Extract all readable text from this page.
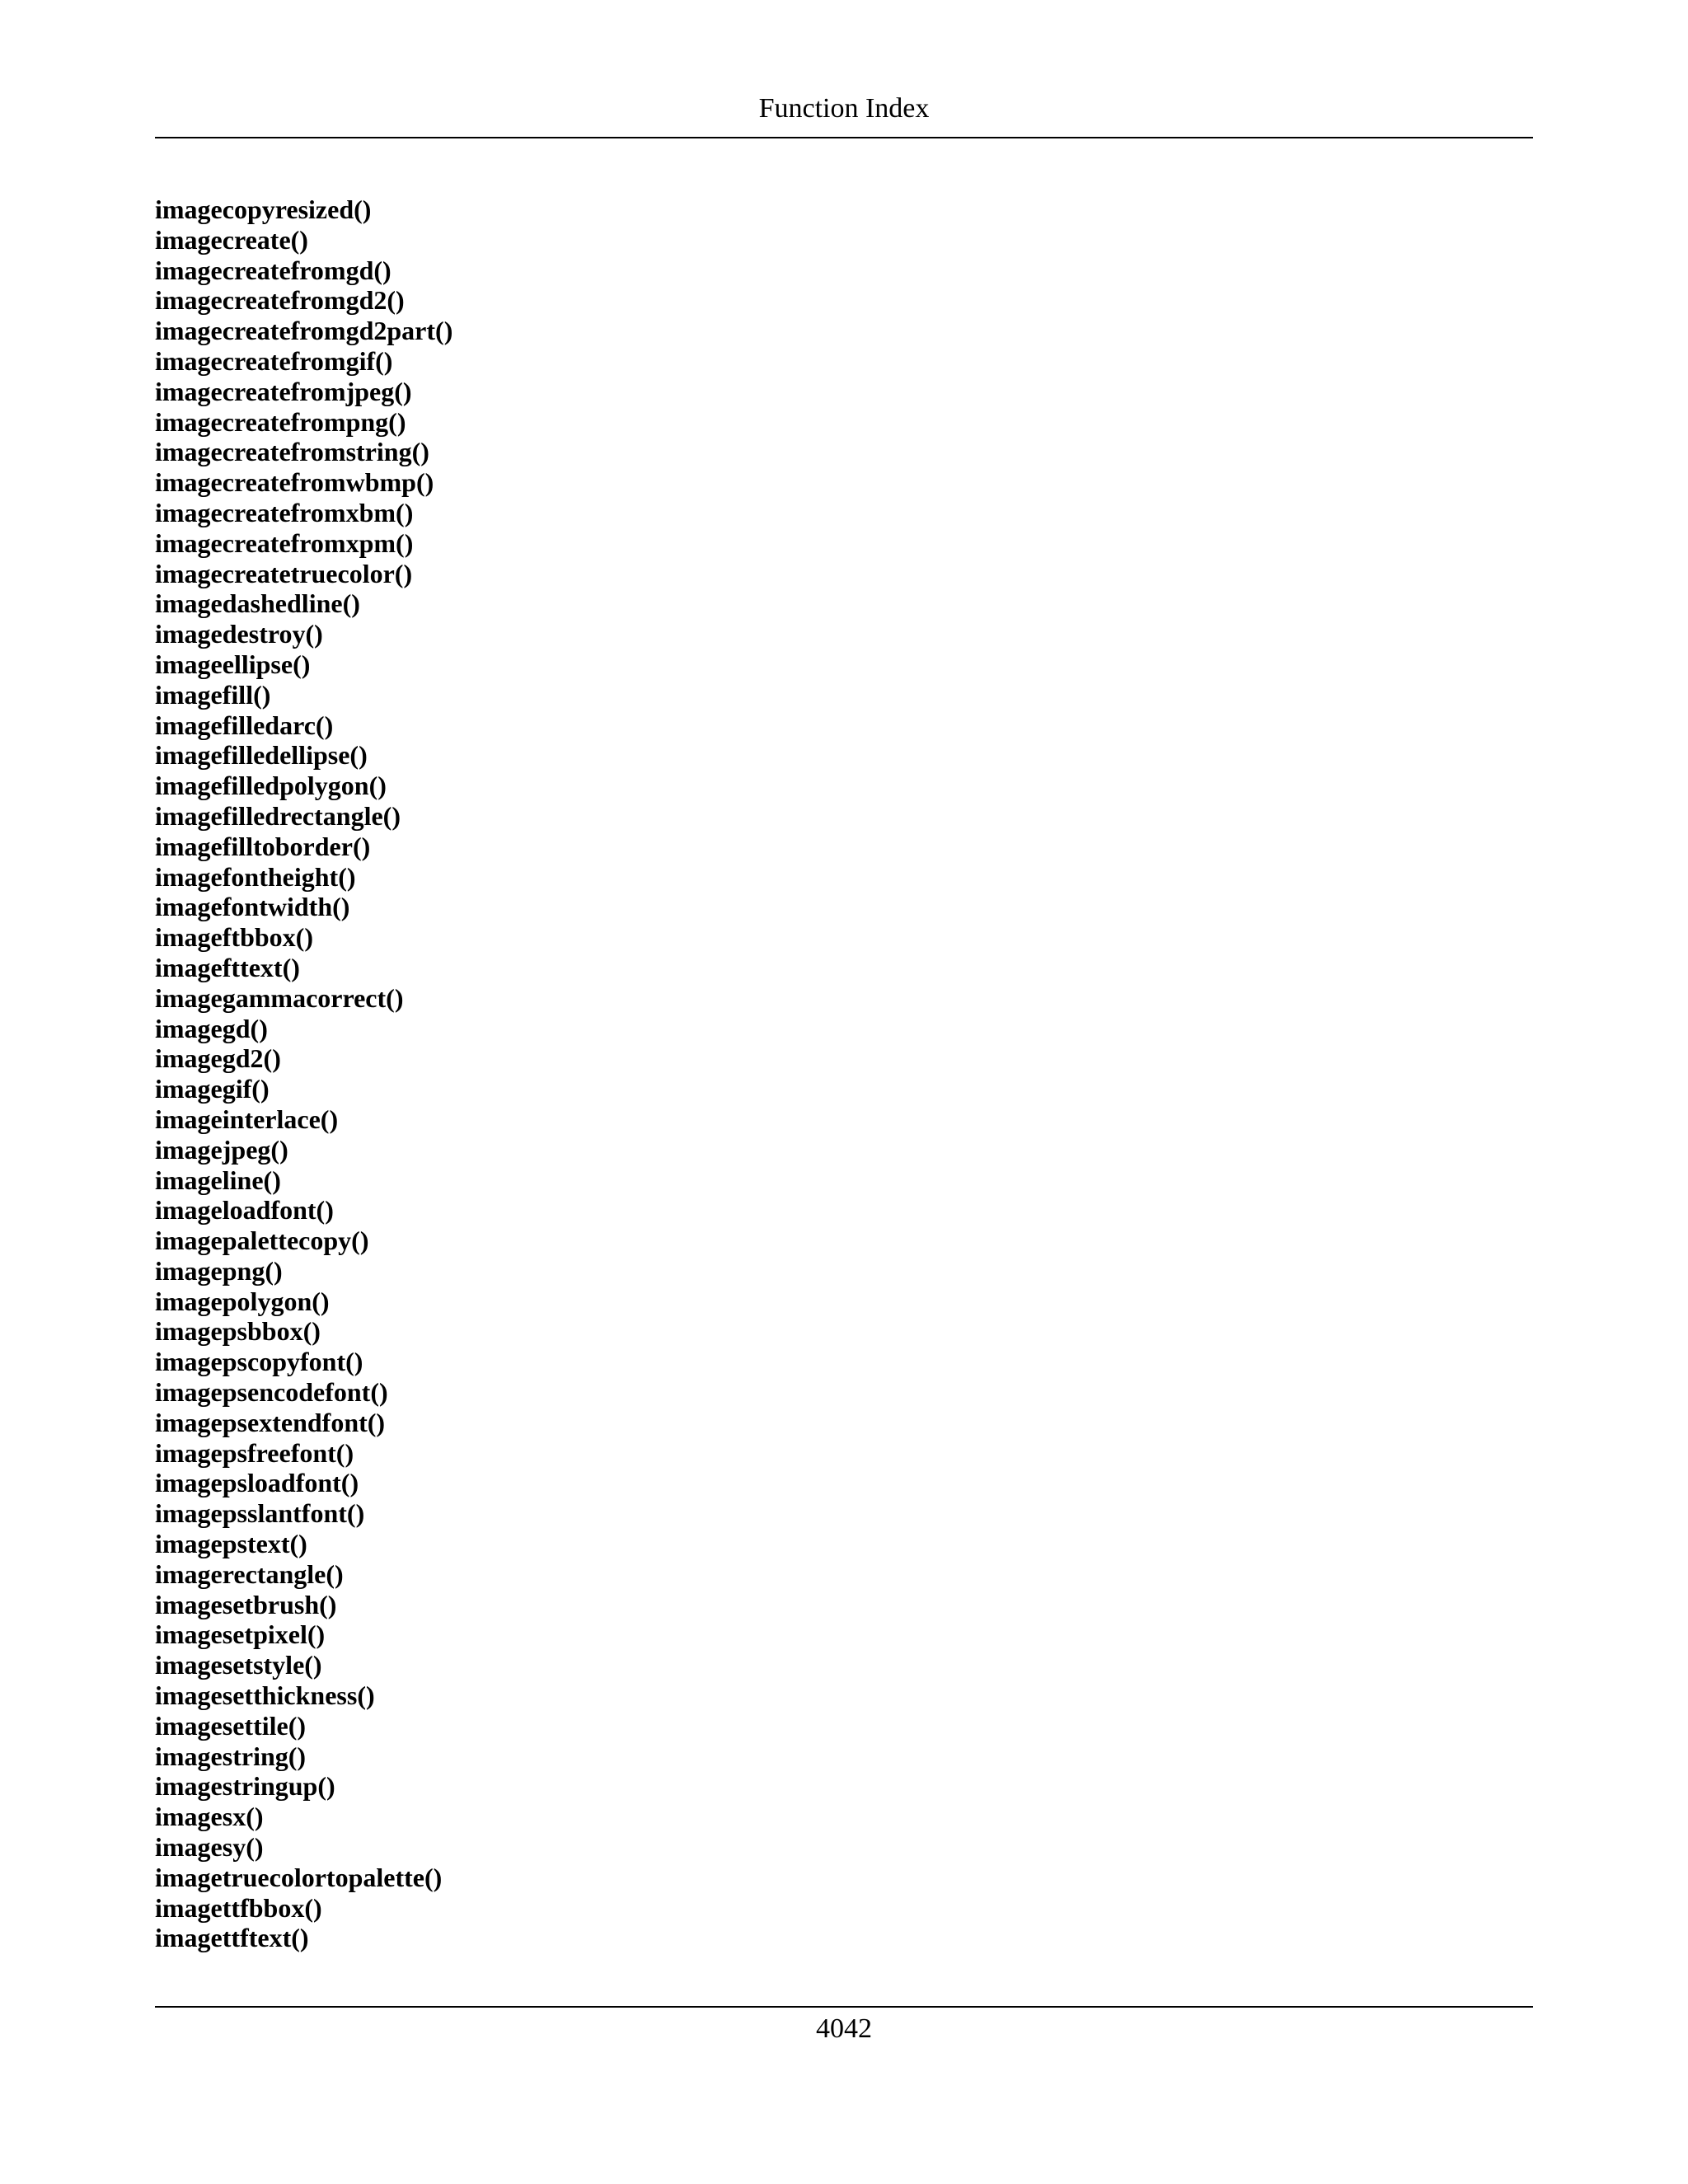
Function Index
imagecopyresized()
imagecreate()
imagecreatefromgd()
imagecreatefromgd2()
imagecreatefromgd2part()
imagecreatefromgif()
imagecreatefromjpeg()
imagecreatefrompng()
imagecreatefromstring()
imagecreatefromwbmp()
imagecreatefromxbm()
imagecreatefromxpm()
imagecreatetruecolor()
imagedashedline()
imagedestroy()
imageellipse()
imagefill()
imagefilledarc()
imagefilledellipse()
imagefilledpolygon()
imagefilledrectangle()
imagefilltoborder()
imagefontheight()
imagefontwidth()
imageftbbox()
imagefttext()
imagegammacorrect()
imagegd()
imagegd2()
imagegif()
imageinterlace()
imagejpeg()
imageline()
imageloadfont()
imagepalettecopy()
imagepng()
imagepolygon()
imagepsbbox()
imagepscopyfont()
imagepsencodefont()
imagepsextendfont()
imagepsfreefont()
imagepsloadfont()
imagepsslantfont()
imagepstext()
imagerectangle()
imagesetbrush()
imagesetpixel()
imagesetstyle()
imagesetthickness()
imagesettile()
imagestring()
imagestringup()
imagesx()
imagesy()
imagetruecolortopalette()
imagettfbbox()
imagettftext()
4042
